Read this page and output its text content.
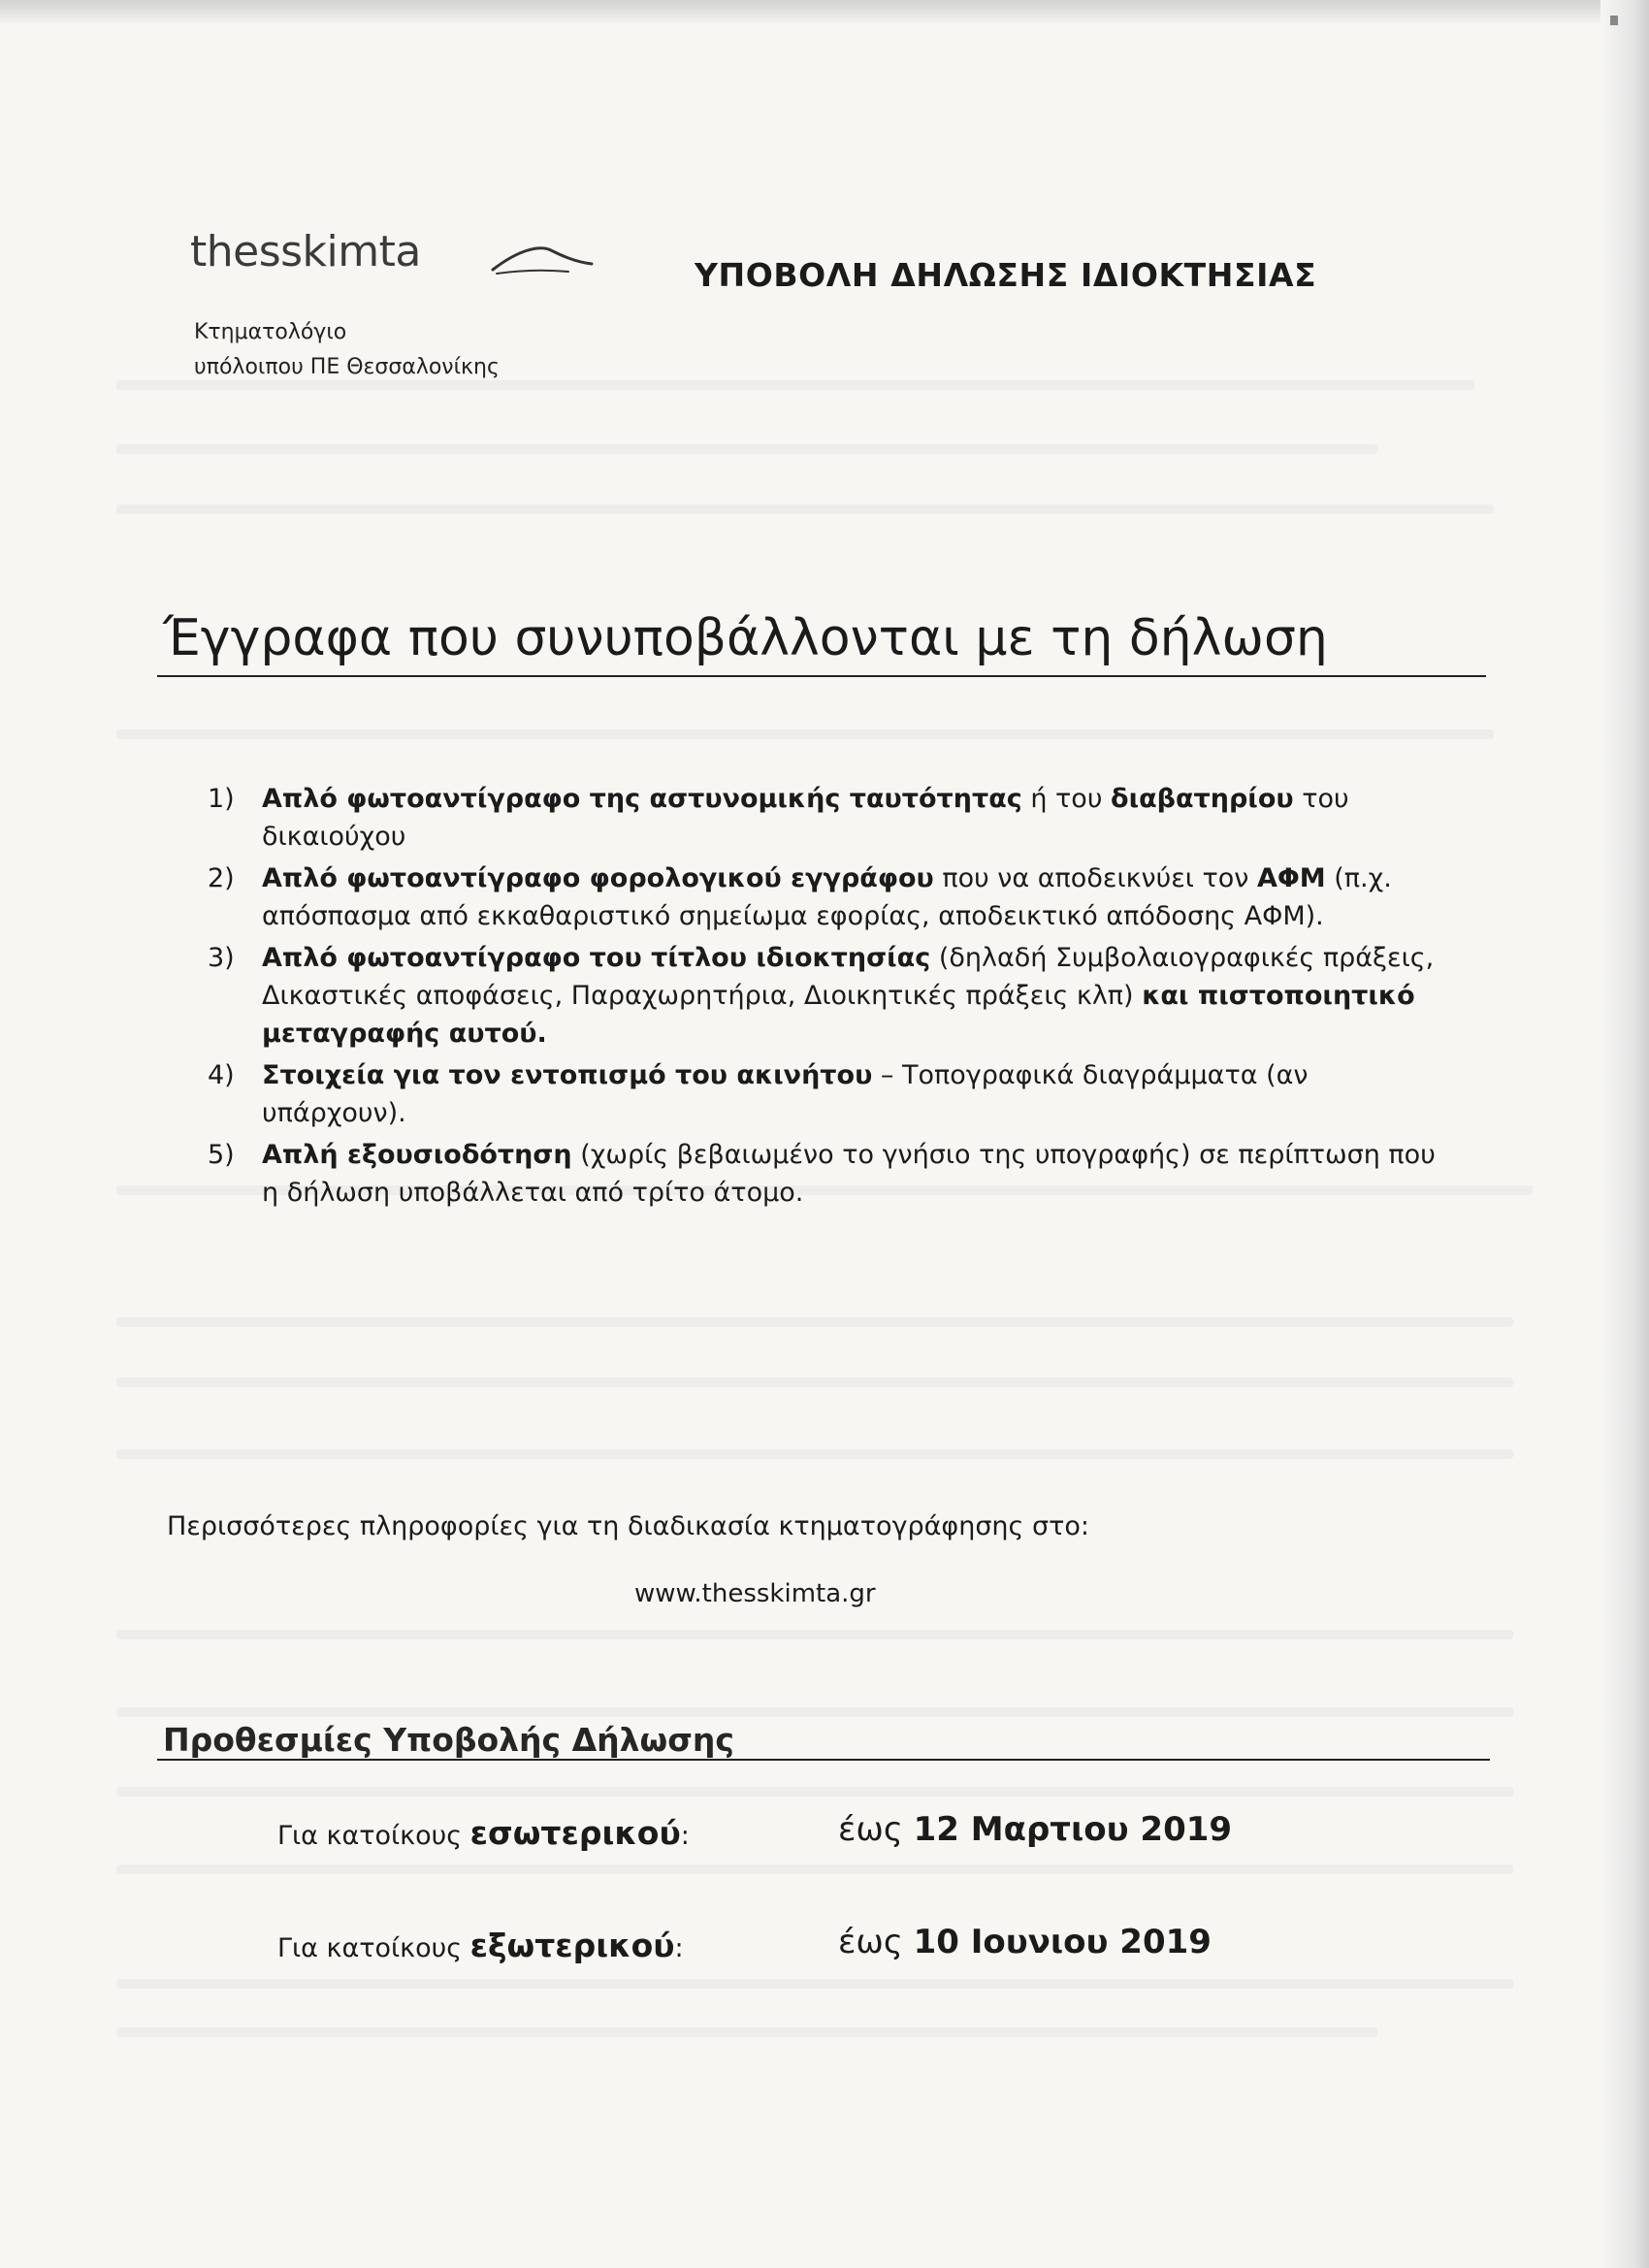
thesskimta
Κτηματολόγιο
υπόλοιπου ΠΕ Θεσσαλονίκης
ΥΠΟΒΟΛΗ ΔΗΛΩΣΗΣ ΙΔΙΟΚΤΗΣΙΑΣ
Έγγραφα που συνυποβάλλονται με τη δήλωση
1)	Απλό φωτοαντίγραφο της αστυνομικής ταυτότητας ή του διαβατηρίου του δικαιούχου
2)	Απλό φωτοαντίγραφο φορολογικού εγγράφου που να αποδεικνύει τον ΑΦΜ (π.χ. απόσπασμα από εκκαθαριστικό σημείωμα εφορίας, αποδεικτικό απόδοσης ΑΦΜ).
3)	Απλό φωτοαντίγραφο του τίτλου ιδιοκτησίας (δηλαδή Συμβολαιογραφικές πράξεις, Δικαστικές αποφάσεις, Παραχωρητήρια, Διοικητικές πράξεις κλπ) και πιστοποιητικό μεταγραφής αυτού.
4)	Στοιχεία για τον εντοπισμό του ακινήτου – Τοπογραφικά διαγράμματα (αν υπάρχουν).
5)	Απλή εξουσιοδότηση (χωρίς βεβαιωμένο το γνήσιο της υπογραφής) σε περίπτωση που η δήλωση υποβάλλεται από τρίτο άτομο.
Περισσότερες πληροφορίες για τη διαδικασία κτηματογράφησης στο:
www.thesskimta.gr
Προθεσμίες Υποβολής Δήλωσης
Για κατοίκους εσωτερικού:	έως 12 Μαρτιου 2019
Για κατοίκους εξωτερικού:	έως 10 Ιουνιου 2019
